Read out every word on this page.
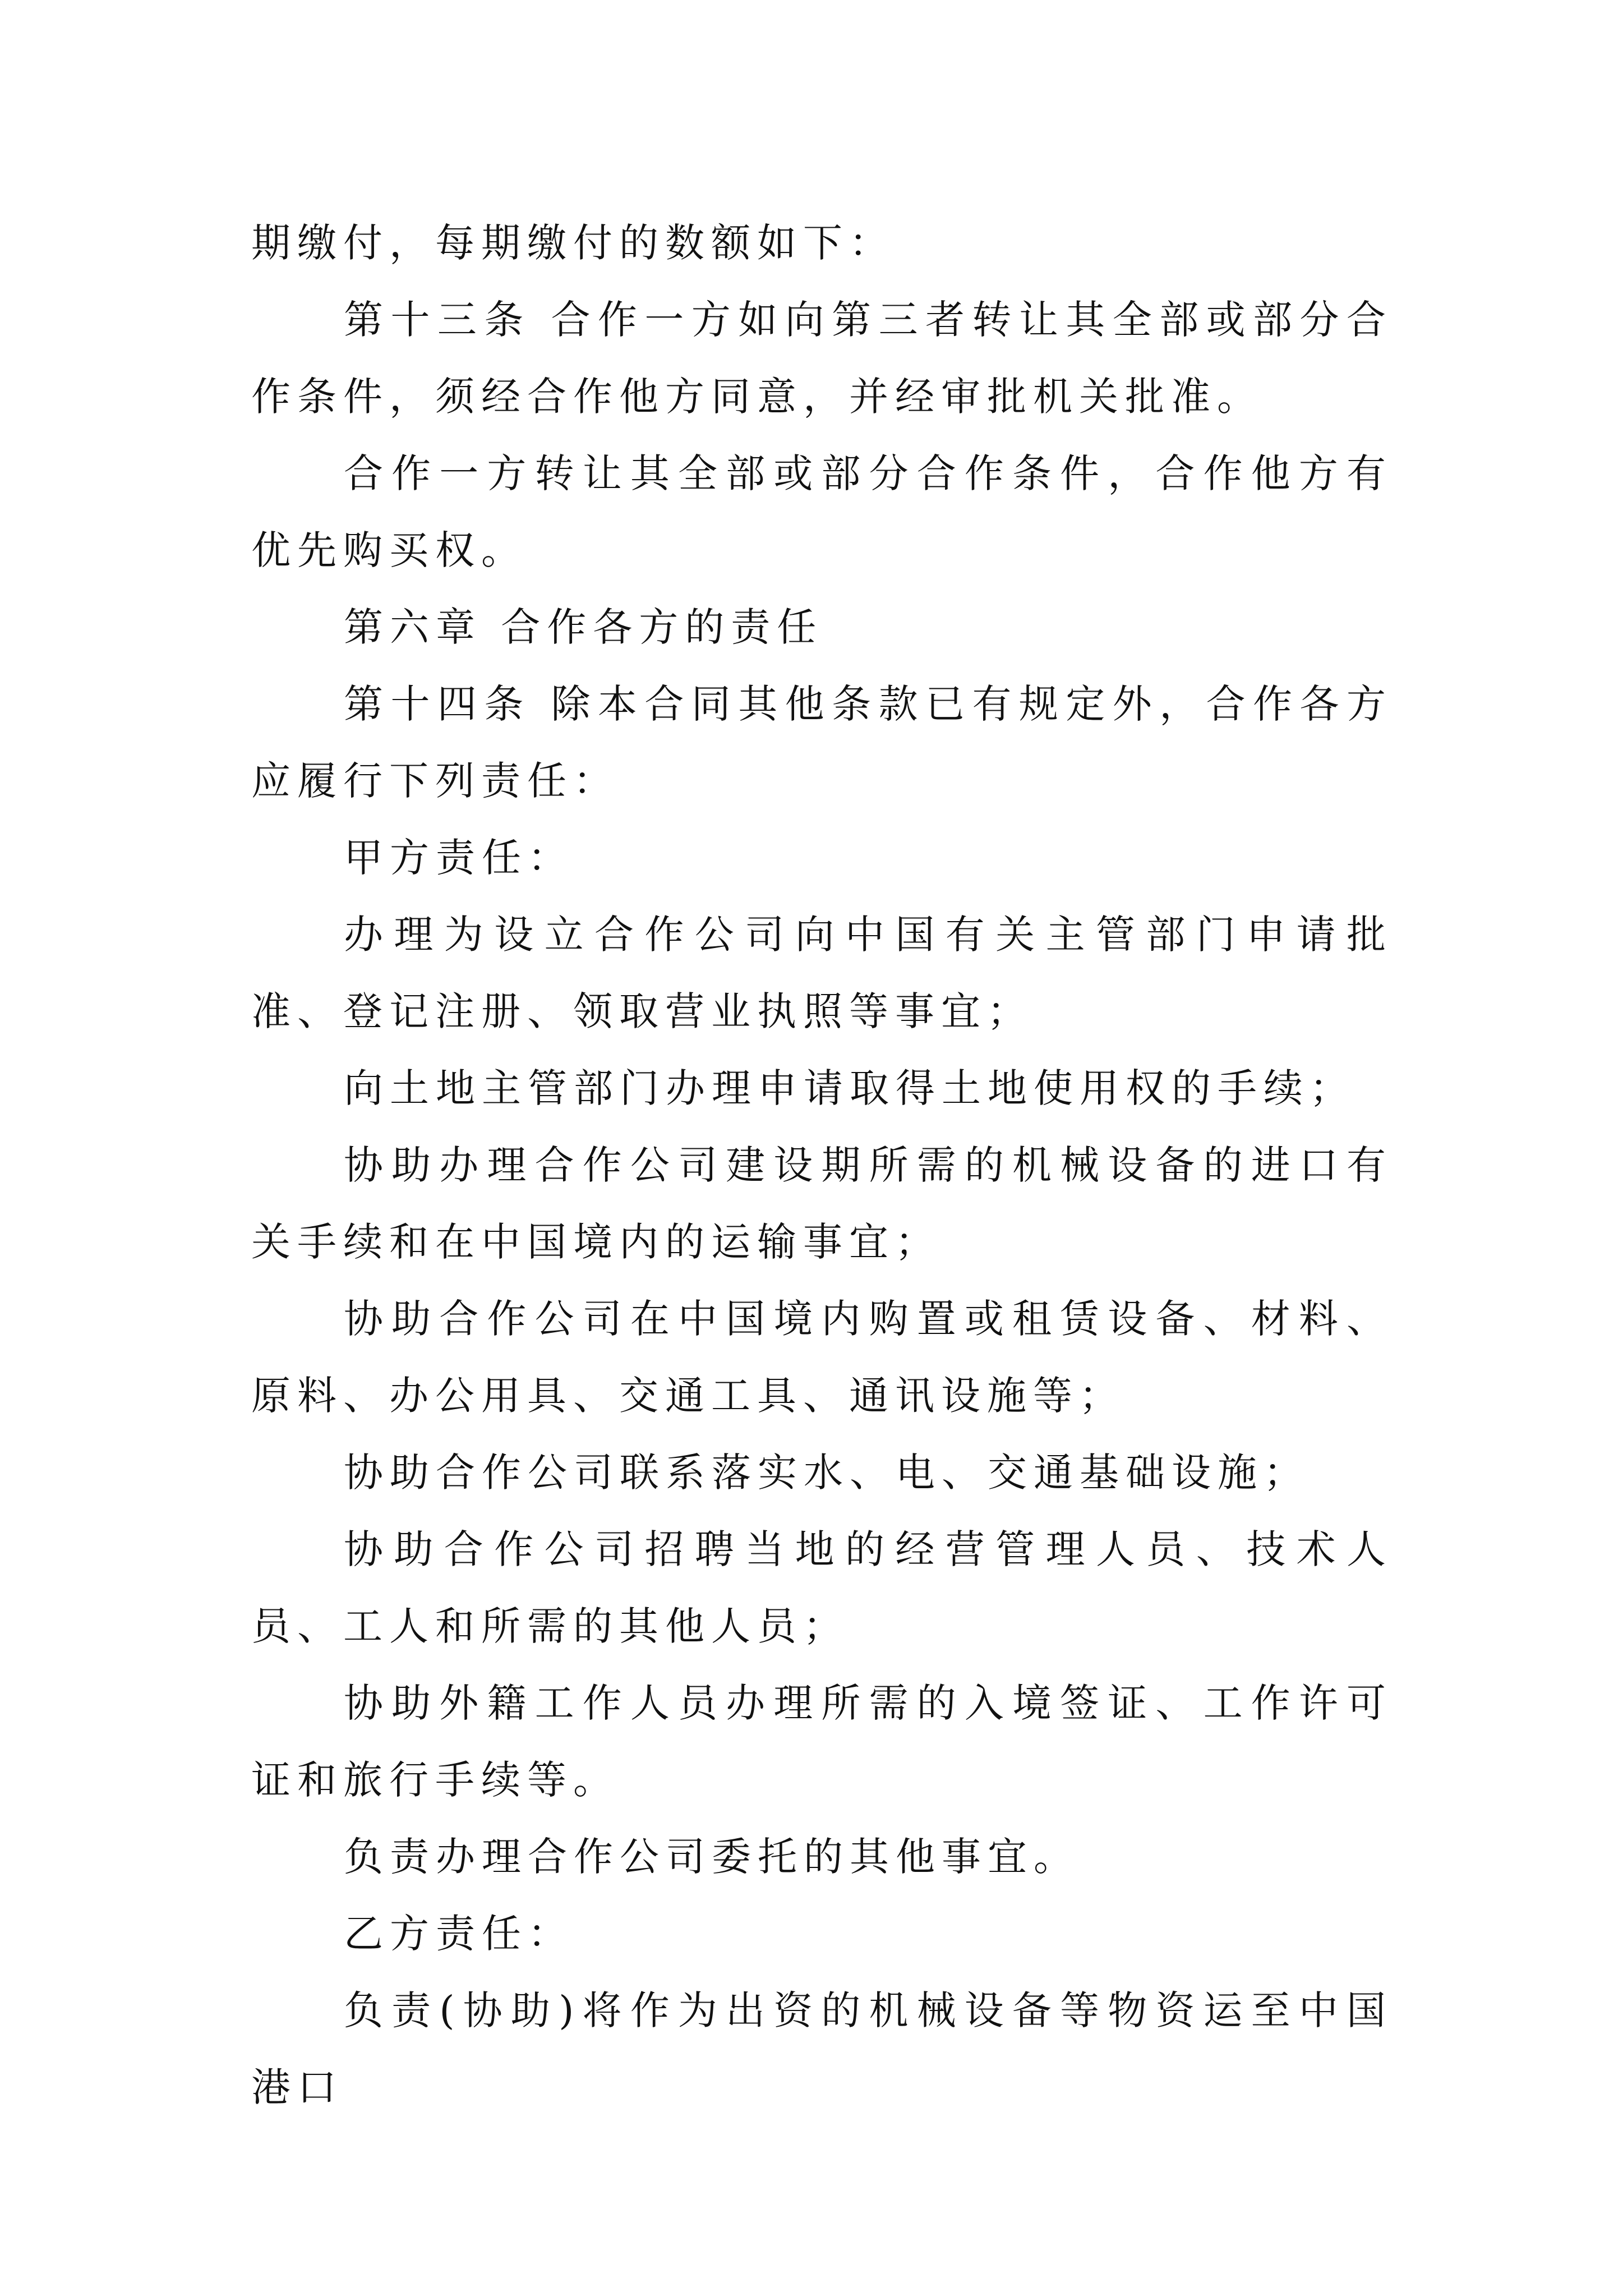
期缴付，每期缴付的数额如下：

第十三条 合作一方如向第三者转让其全部或部分合作条件，须经合作他方同意，并经审批机关批准。

合作一方转让其全部或部分合作条件，合作他方有优先购买权。

第六章 合作各方的责任

第十四条 除本合同其他条款已有规定外，合作各方应履行下列责任：

甲方责任：

办理为设立合作公司向中国有关主管部门申请批准、登记注册、领取营业执照等事宜；

向土地主管部门办理申请取得土地使用权的手续；

协助办理合作公司建设期所需的机械设备的进口有关手续和在中国境内的运输事宜；

协助合作公司在中国境内购置或租赁设备、材料、原料、办公用具、交通工具、通讯设施等；

协助合作公司联系落实水、电、交通基础设施；

协助合作公司招聘当地的经营管理人员、技术人员、工人和所需的其他人员；

协助外籍工作人员办理所需的入境签证、工作许可证和旅行手续等。

负责办理合作公司委托的其他事宜。

乙方责任：

负责(协助)将作为出资的机械设备等物资运至中国港口
